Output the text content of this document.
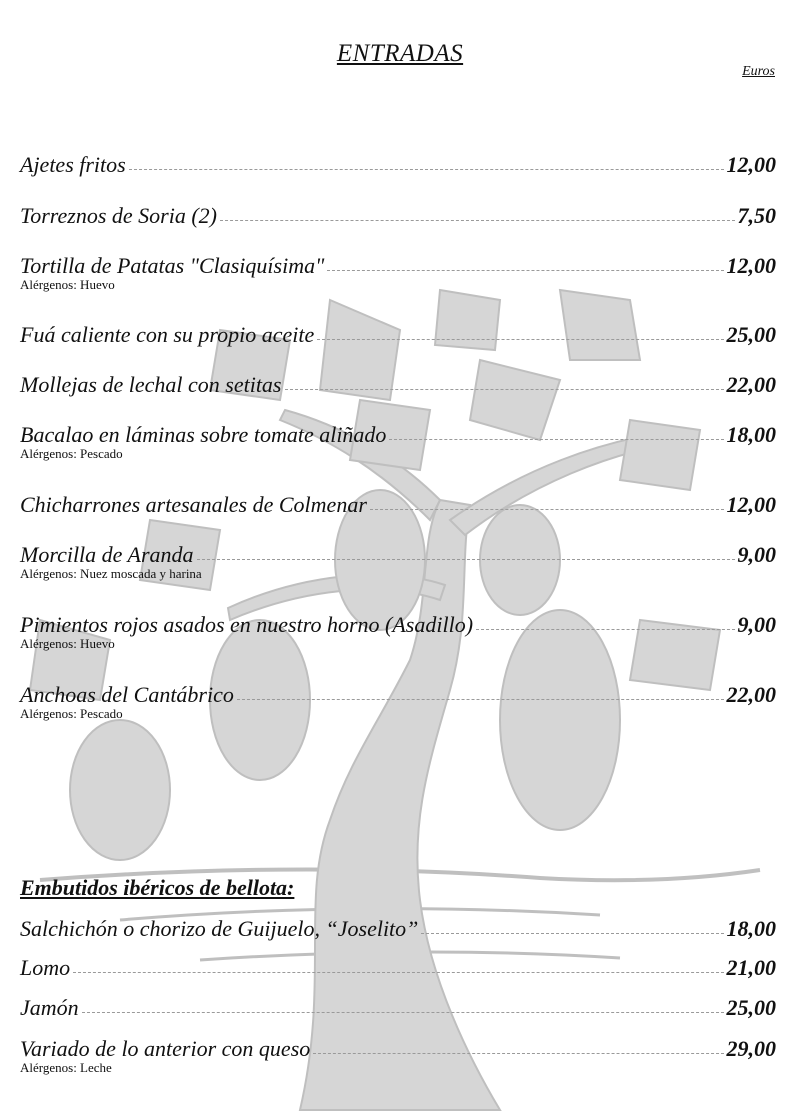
ENTRADAS
Euros
Ajetes fritos	12,00
Torreznos de Soria (2)	7,50
Tortilla de Patatas "Clasiquísima"	12,00
Alérgenos: Huevo
Fuá caliente con su propio aceite	25,00
Mollejas de lechal con setitas	22,00
Bacalao en láminas sobre tomate aliñado	18,00
Alérgenos: Pescado
Chicharrones artesanales de Colmenar	12,00
Morcilla de Aranda	9,00
Alérgenos: Nuez moscada y harina
Pimientos rojos asados en nuestro horno (Asadillo)	9,00
Alérgenos: Huevo
Anchoas del Cantábrico	22,00
Alérgenos: Pescado
Embutidos ibéricos de bellota:
Salchichón o chorizo de Guijuelo, “Joselito”	18,00
Lomo	21,00
Jamón	25,00
Variado de lo anterior con queso	29,00
Alérgenos: Leche
